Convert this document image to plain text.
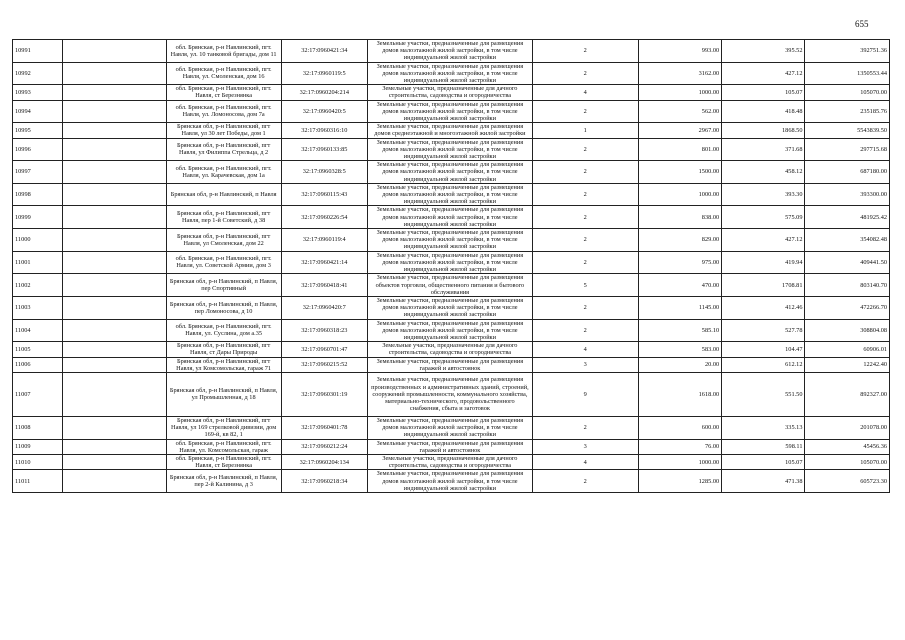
655
10991		обл. Брянская, р-н Навлинский, пгт. Навля, ул. 10 танковой бригады, дом 11	32:17:0960421:34	Земельные участки, предназначенные для размещения домов малоэтажной жилой застройки, в том числе индивидуальной жилой застройки	2	993.00	395.52	392751.36
10992		обл. Брянская, р-н Навлинский, пгт. Навля, ул. Смоленская, дом 16	32:17:0960119:5	Земельные участки, предназначенные для размещения домов малоэтажной жилой застройки, в том числе индивидуальной жилой застройки	2	3162.00	427.12	1350553.44
10993		обл. Брянская, р-н Навлинский, пгт. Навля, ст Березнянка	32:17:0960204:214	Земельные участки, предназначенные для дачного строительства, садоводства и огородничества	4	1000.00	105.07	105070.00
10994		обл. Брянская, р-н Навлинский, пгт. Навля, ул. Ломоносова, дом 7а	32:17:0960420:5	Земельные участки, предназначенные для размещения домов малоэтажной жилой застройки, в том числе индивидуальной жилой застройки	2	562.00	418.48	235185.76
10995		Брянская обл, р-н Навлинский, пгт Навля, ул 30 лет Победы, дом 1	32:17:0960316:10	Земельные участки, предназначенные для размещения домов среднеэтажной и многоэтажной жилой застройки	1	2967.00	1868.50	5543839.50
10996		Брянская обл, р-н Навлинский, пгт Навля, ул Филиппа Стрельца, д 2	32:17:0960133:85	Земельные участки, предназначенные для размещения домов малоэтажной жилой застройки, в том числе индивидуальной жилой застройки	2	801.00	371.68	297715.68
10997		обл. Брянская, р-н Навлинский, пгт. Навля, ул. Карачевская, дом 1а	32:17:0960328:5	Земельные участки, предназначенные для размещения домов малоэтажной жилой застройки, в том числе индивидуальной жилой застройки	2	1500.00	458.12	687180.00
10998		Брянская обл, р-н Навлинский, п Навля	32:17:0960115:43	Земельные участки, предназначенные для размещения домов малоэтажной жилой застройки, в том числе индивидуальной жилой застройки	2	1000.00	393.30	393300.00
10999		Брянская обл, р-н Навлинский, пгт Навля, пер 1-й Советский, д 38	32:17:0960226:54	Земельные участки, предназначенные для размещения домов малоэтажной жилой застройки, в том числе индивидуальной жилой застройки	2	838.00	575.09	481925.42
11000		Брянская обл, р-н Навлинский, пгт Навля, ул Смоленская, дом 22	32:17:0960119:4	Земельные участки, предназначенные для размещения домов малоэтажной жилой застройки, в том числе индивидуальной жилой застройки	2	829.00	427.12	354082.48
11001		обл. Брянская, р-н Навлинский, пгт. Навля, ул. Советской Армии, дом 3	32:17:0960421:14	Земельные участки, предназначенные для размещения домов малоэтажной жилой застройки, в том числе индивидуальной жилой застройки	2	975.00	419.94	409441.50
11002		Брянская обл, р-н Навлинский, п Навля, пер Спортивный	32:17:0960418:41	Земельные участки, предназначенные для размещения объектов торговли, общественного питания и бытового обслуживания	5	470.00	1708.81	803140.70
11003		Брянская обл, р-н Навлинский, п Навля, пер Ломоносова, д 10	32:17:0960420:7	Земельные участки, предназначенные для размещения домов малоэтажной жилой застройки, в том числе индивидуальной жилой застройки	2	1145.00	412.46	472266.70
11004		обл. Брянская, р-н Навлинский, пгт. Навля, ул. Суслина, дом а.35	32:17:0960318:23	Земельные участки, предназначенные для размещения домов малоэтажной жилой застройки, в том числе индивидуальной жилой застройки	2	585.10	527.78	308804.08
11005		Брянская обл, р-н Навлинский, пгт Навля, ст Дары Природы	32:17:0960701:47	Земельные участки, предназначенные для дачного строительства, садоводства и огородничества	4	583.00	104.47	60906.01
11006		Брянская обл, р-н Навлинский, пгт Навля, ул Комсомольская, гараж 71	32:17:0960215:52	Земельные участки, предназначенные для размещения гаражей и автостоянок	3	20.00	612.12	12242.40
11007		Брянская обл, р-н Навлинский, п Навля, ул Промышленная, д 18	32:17:0960301:19	Земельные участки, предназначенные для размещения производственных и административных зданий, строений, сооружений промышленности, коммунального хозяйства, материально-технического, продовольственного снабжения, сбыта и заготовок	9	1618.00	551.50	892327.00
11008		Брянская обл, р-н Навлинский, пгт Навля, ул 169 стрелковой дивизии, дом 169-й, кв 82, 1	32:17:0960401:78	Земельные участки, предназначенные для размещения домов малоэтажной жилой застройки, в том числе индивидуальной жилой застройки	2	600.00	335.13	201078.00
11009		обл. Брянская, р-н Навлинский, пгт. Навля, ул. Комсомольская, гараж	32:17:0960212:24	Земельные участки, предназначенные для размещения гаражей и автостоянок	3	76.00	598.11	45456.36
11010		обл. Брянская, р-н Навлинский, пгт. Навля, ст Березнянка	32:17:0960204:134	Земельные участки, предназначенные для дачного строительства, садоводства и огородничества	4	1000.00	105.07	105070.00
11011		Брянская обл, р-н Навлинский, п Навля, пер 2-й Калинина, д 3	32:17:0960218:34	Земельные участки, предназначенные для размещения домов малоэтажной жилой застройки, в том числе индивидуальной жилой застройки	2	1285.00	471.38	605723.30
